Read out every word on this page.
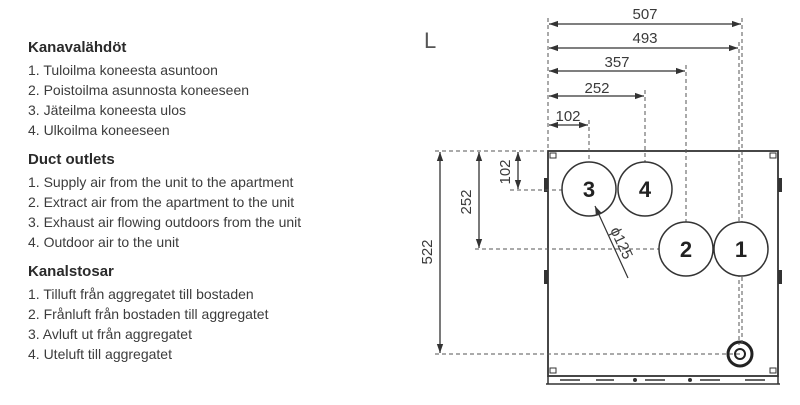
Kanavalähdöt
1. Tuloilma koneesta asuntoon
2. Poistoilma asunnosta koneeseen
3. Jäteilma koneesta ulos
4. Ulkoilma koneeseen
Duct outlets
1. Supply air from the unit to the apartment
2. Extract air from the apartment to the unit
3. Exhaust air flowing outdoors from the unit
4. Outdoor air to the unit
Kanalstosar
1. Tilluft från aggregatet till bostaden
2. Frånluft från bostaden till aggregatet
3. Avluft ut från aggregatet
4. Uteluft till aggregatet
L
507
493
357
252
102
102
252
522
3 4
2 1
ϕ125
